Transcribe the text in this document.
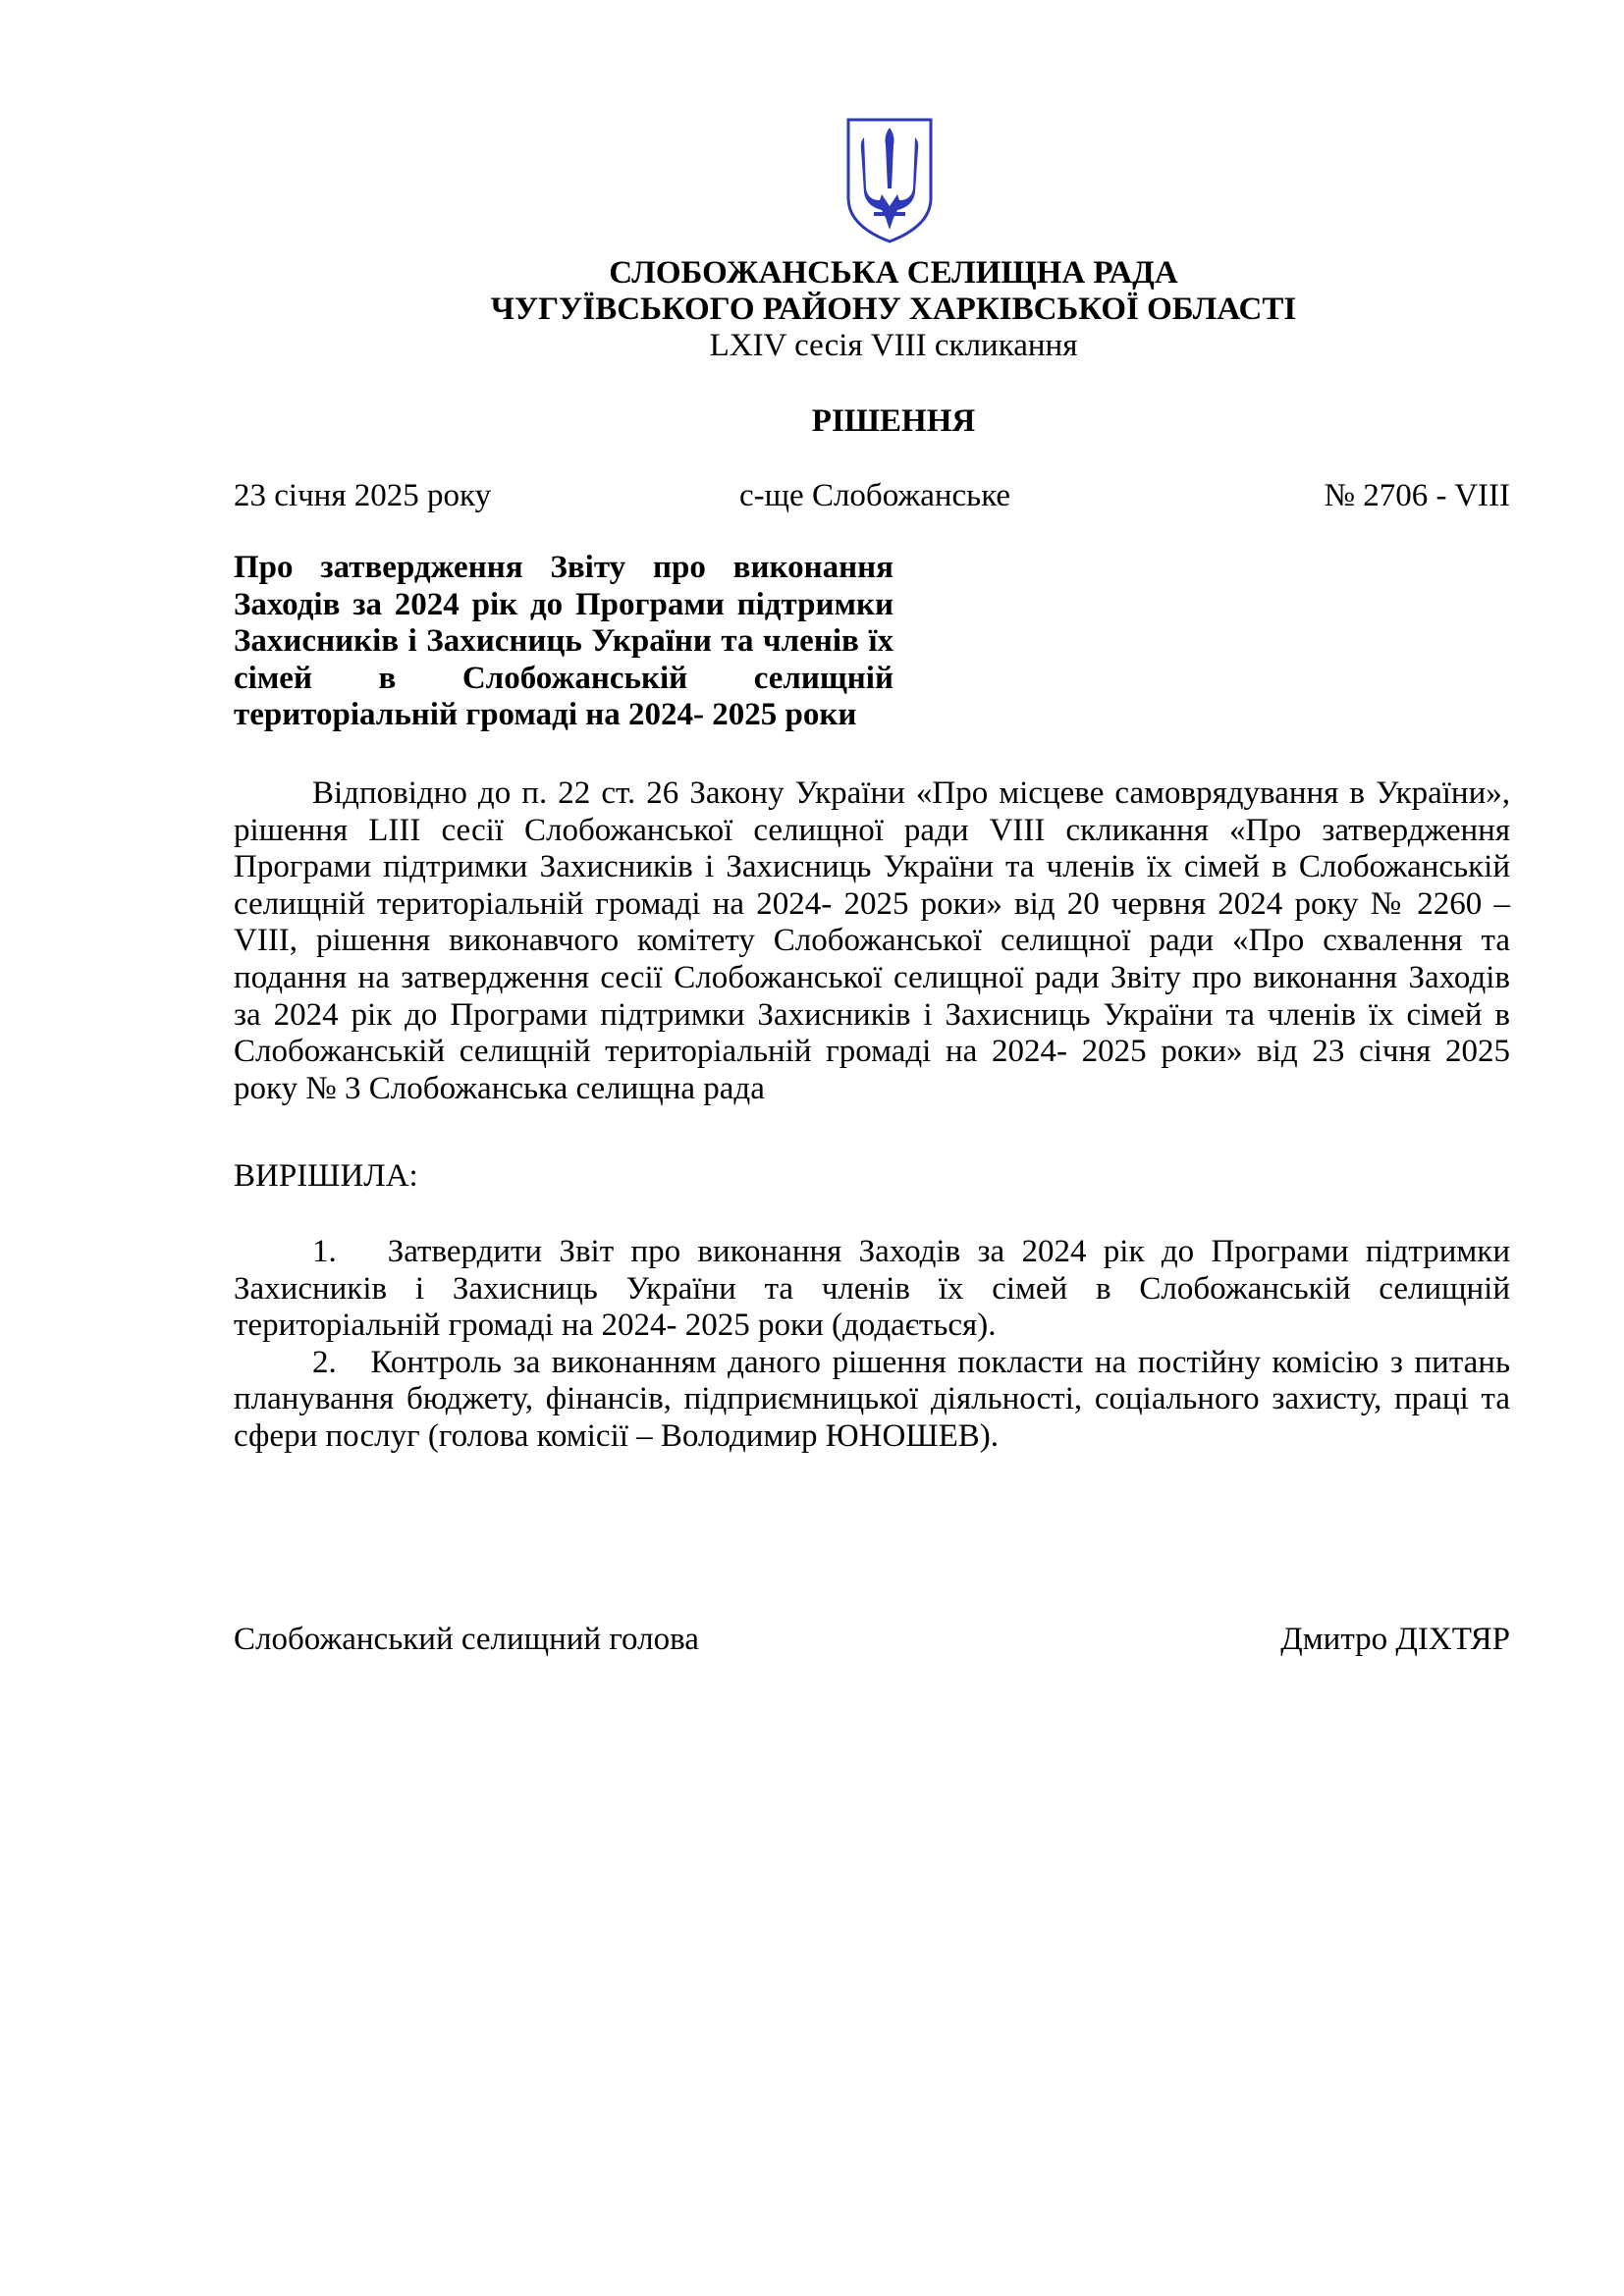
СЛОБОЖАНСЬКА СЕЛИЩНА РАДА
ЧУГУЇВСЬКОГО РАЙОНУ ХАРКІВСЬКОЇ ОБЛАСТІ
LXIV сесія VIII скликання
РІШЕННЯ
23 січня 2025 року	с-ще Слобожанське	№ 2706 - VIII
Про затвердження Звіту про виконання Заходів за 2024 рік до Програми підтримки Захисників і Захисниць України та членів їх сімей в Слобожанській селищній територіальній громаді на 2024- 2025 роки
Відповідно до п. 22 ст. 26 Закону України «Про місцеве самоврядування в України», рішення LIII сесії Слобожанської селищної ради VIII скликання «Про затвердження Програми підтримки Захисників і Захисниць України та членів їх сімей в Слобожанській селищній територіальній громаді на 2024- 2025 роки» від 20 червня 2024 року № 2260 – VIII, рішення виконавчого комітету Слобожанської селищної ради «Про схвалення та подання на затвердження сесії Слобожанської селищної ради Звіту про виконання Заходів за 2024 рік до Програми підтримки Захисників і Захисниць України та членів їх сімей в Слобожанській селищній територіальній громаді на 2024- 2025 роки» від 23 січня 2025 року № 3 Слобожанська селищна рада
ВИРІШИЛА:

1. Затвердити Звіт про виконання Заходів за 2024 рік до Програми підтримки Захисників і Захисниць України та членів їх сімей в Слобожанській селищній територіальній громаді на 2024- 2025 роки (додається).

2. Контроль за виконанням даного рішення покласти на постійну комісію з питань планування бюджету, фінансів, підприємницької діяльності, соціального захисту, праці та сфери послуг (голова комісії – Володимир ЮНОШЕВ).

Слобожанський селищний голова	Дмитро ДІХТЯР
